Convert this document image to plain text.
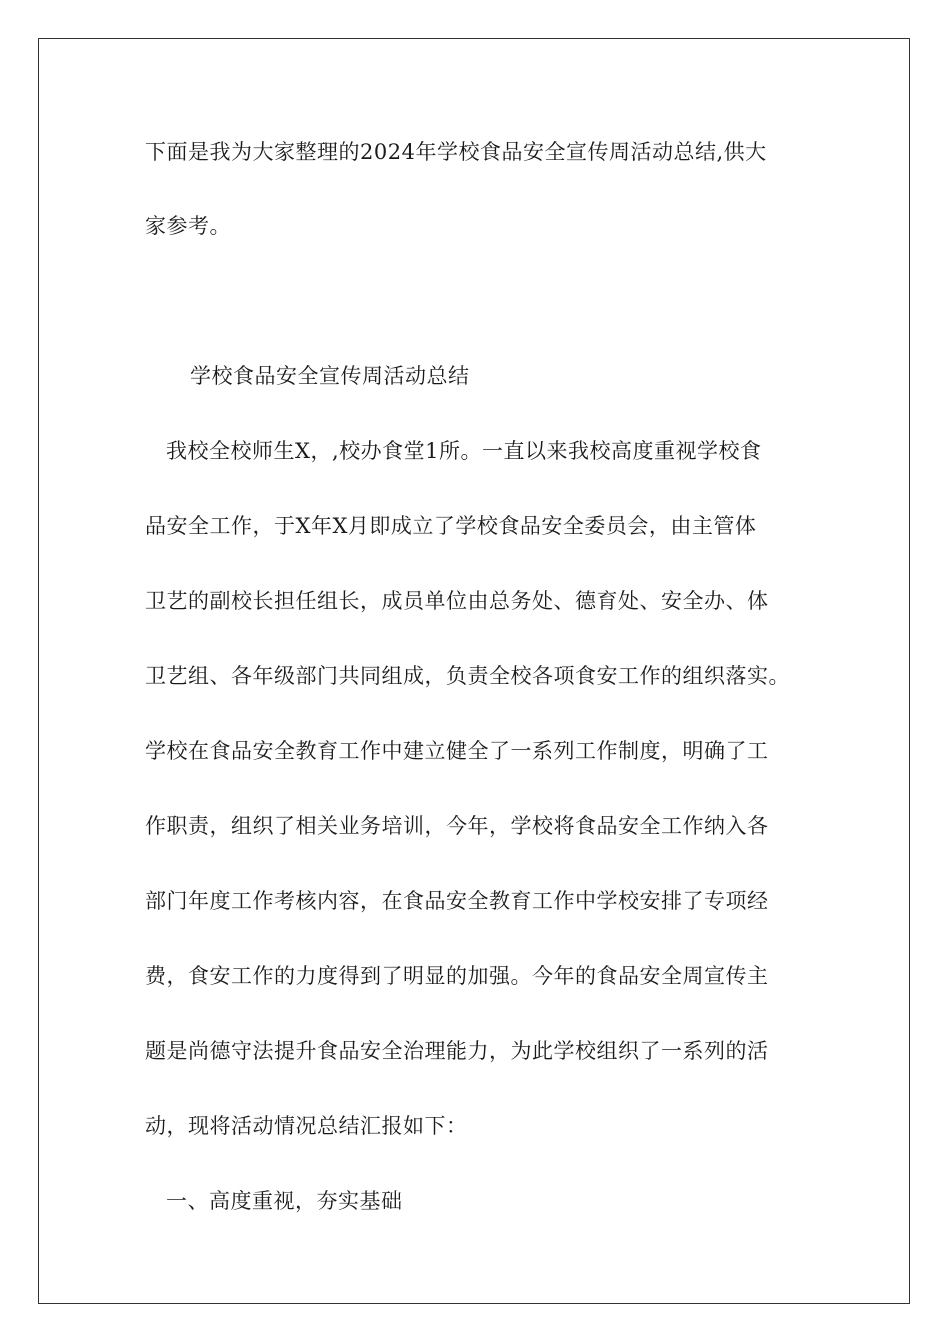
下面是我为大家整理的2024年学校食品安全宣传周活动总结,供大
家参考。
学校食品安全宣传周活动总结
我校全校师生X，,校办食堂1所。一直以来我校高度重视学校食
品安全工作，于X年X月即成立了学校食品安全委员会，由主管体
卫艺的副校长担任组长，成员单位由总务处、德育处、安全办、体
卫艺组、各年级部门共同组成，负责全校各项食安工作的组织落实。
学校在食品安全教育工作中建立健全了一系列工作制度，明确了工
作职责，组织了相关业务培训，今年，学校将食品安全工作纳入各
部门年度工作考核内容，在食品安全教育工作中学校安排了专项经
费，食安工作的力度得到了明显的加强。今年的食品安全周宣传主
题是尚德守法提升食品安全治理能力，为此学校组织了一系列的活
动，现将活动情况总结汇报如下：
一、高度重视，夯实基础
